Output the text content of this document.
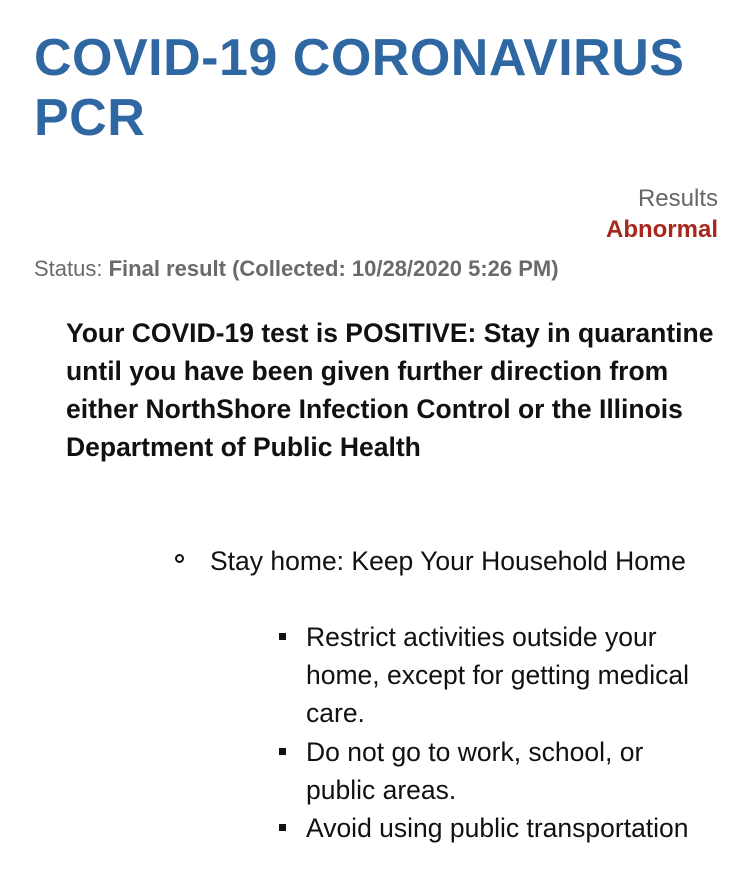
COVID-19 CORONAVIRUS PCR
Results
Abnormal
Status: Final result (Collected: 10/28/2020 5:26 PM)

Your COVID-19 test is POSITIVE: Stay in quarantine until you have been given further direction from either NorthShore Infection Control or the Illinois Department of Public Health

Stay home: Keep Your Household Home
Restrict activities outside your home, except for getting medical care.
Do not go to work, school, or public areas.
Avoid using public transportation
